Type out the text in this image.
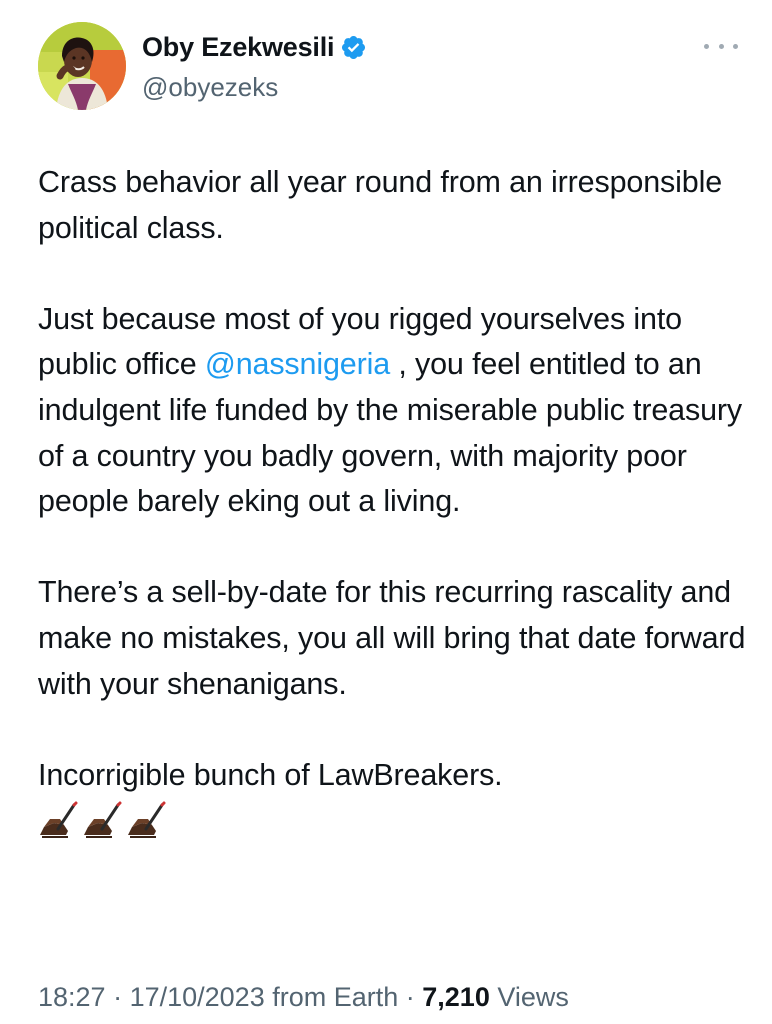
Oby Ezekwesili
@obyezeks

Crass behavior all year round from an irresponsible political class.

Just because most of you rigged yourselves into public office @nassnigeria , you feel entitled to an indulgent life funded by the miserable public treasury of a country you badly govern, with majority poor people barely eking out a living.

There’s a sell-by-date for this recurring rascality and make no mistakes, you all will bring that date forward with your shenanigans.

Incorrigible bunch of LawBreakers.

18:27 · 17/10/2023 from Earth · 7,210 Views
